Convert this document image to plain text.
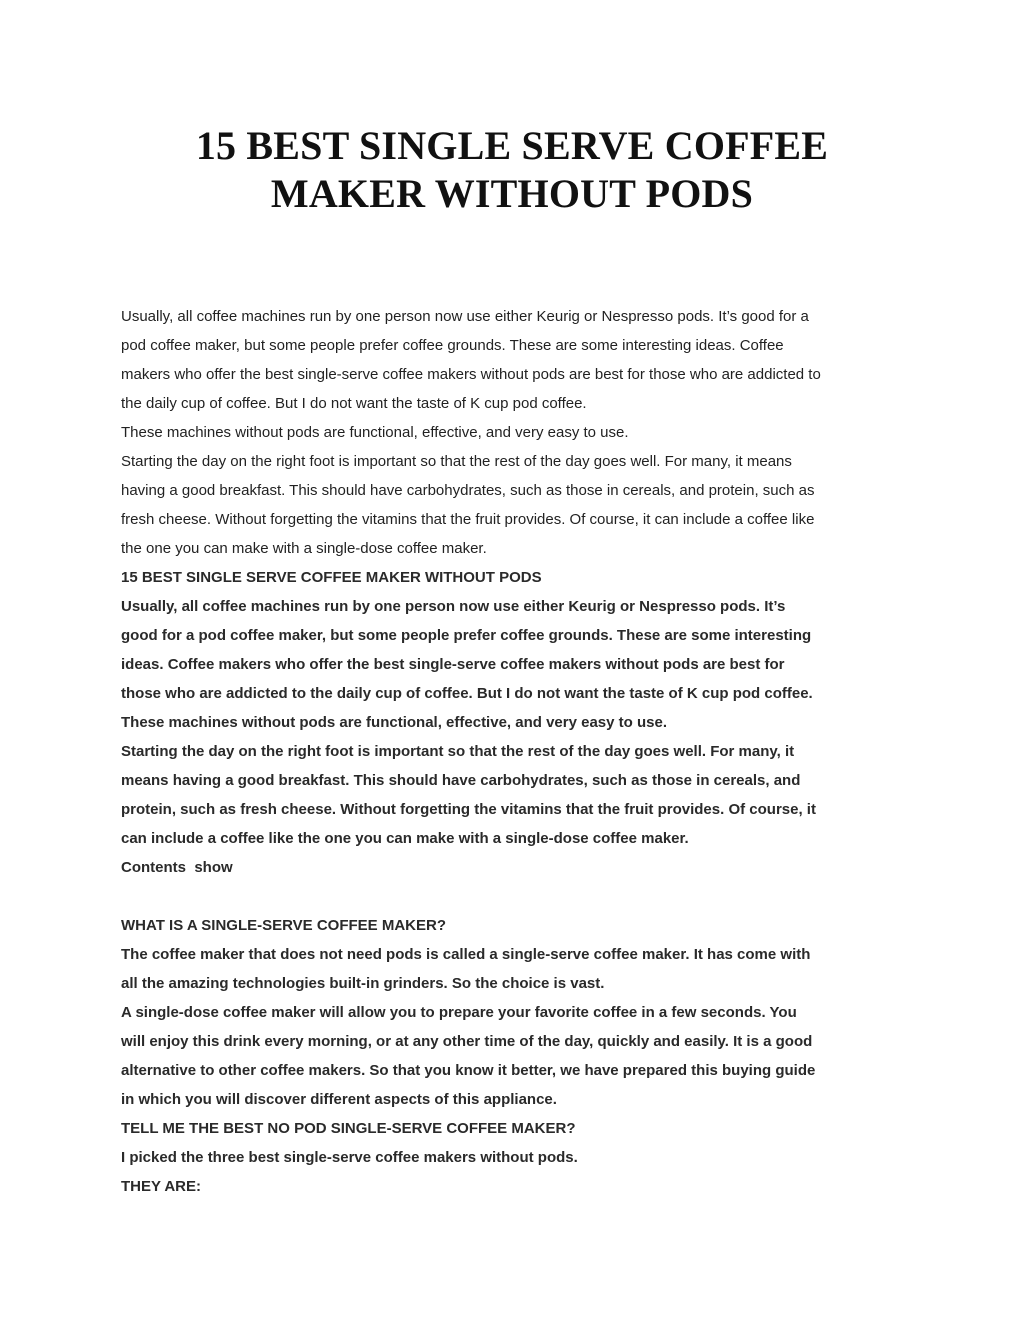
15 BEST SINGLE SERVE COFFEE
MAKER WITHOUT PODS

Usually, all coffee machines run by one person now use either Keurig or Nespresso pods. It’s good for a

pod coffee maker, but some people prefer coffee grounds. These are some interesting ideas. Coffee

makers who offer the best single-serve coffee makers without pods are best for those who are addicted to

the daily cup of coffee. But I do not want the taste of K cup pod coffee.

These machines without pods are functional, effective, and very easy to use.

Starting the day on the right foot is important so that the rest of the day goes well. For many, it means

having a good breakfast. This should have carbohydrates, such as those in cereals, and protein, such as

fresh cheese. Without forgetting the vitamins that the fruit provides. Of course, it can include a coffee like

the one you can make with a single-dose coffee maker.

15 BEST SINGLE SERVE COFFEE MAKER WITHOUT PODS

Usually, all coffee machines run by one person now use either Keurig or Nespresso pods. It’s

good for a pod coffee maker, but some people prefer coffee grounds. These are some interesting

ideas. Coffee makers who offer the best single-serve coffee makers without pods are best for

those who are addicted to the daily cup of coffee. But I do not want the taste of K cup pod coffee.

These machines without pods are functional, effective, and very easy to use.

Starting the day on the right foot is important so that the rest of the day goes well. For many, it

means having a good breakfast. This should have carbohydrates, such as those in cereals, and

protein, such as fresh cheese. Without forgetting the vitamins that the fruit provides. Of course, it

can include a coffee like the one you can make with a single-dose coffee maker.

Contents show

WHAT IS A SINGLE-SERVE COFFEE MAKER?

The coffee maker that does not need pods is called a single-serve coffee maker. It has come with

all the amazing technologies built-in grinders. So the choice is vast.

A single-dose coffee maker will allow you to prepare your favorite coffee in a few seconds. You

will enjoy this drink every morning, or at any other time of the day, quickly and easily. It is a good

alternative to other coffee makers. So that you know it better, we have prepared this buying guide

in which you will discover different aspects of this appliance.

TELL ME THE BEST NO POD SINGLE-SERVE COFFEE MAKER?

I picked the three best single-serve coffee makers without pods.

THEY ARE:
